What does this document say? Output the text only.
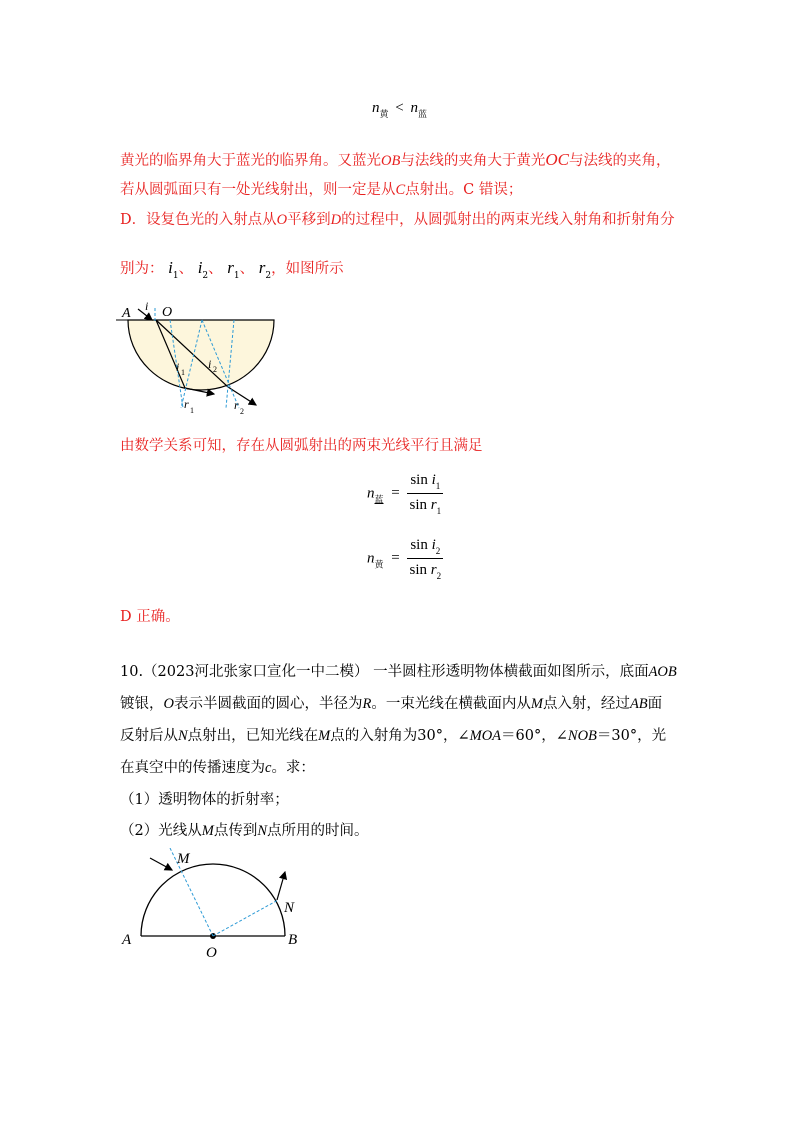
$n_黄 < n_蓝$
黄光的临界角大于蓝光的临界角。又蓝光OB与法线的夹角大于黄光OC与法线的夹角，
若从圆弧面只有一处光线射出，则一定是从C点射出。C 错误；
D．设复色光的入射点从O平移到D的过程中，从圆弧射出的两束光线入射角和折射角分
别为： $i_1$、 $i_2$、 $r_1$、 $r_2$，如图所示
A i O
i 1
i 2
r 1	r 2
由数学关系可知，存在从圆弧射出的两束光线平行且满足
$n_蓝 = \frac{\sin i_1}{\sin r_1}$
$n_黄 = \frac{\sin i_2}{\sin r_2}$
D 正确。
10.（2023河北张家口宣化一中二模） 一半圆柱形透明物体横截面如图所示，底面AOB
镀银，O表示半圆截面的圆心，半径为R。一束光线在横截面内从M点入射，经过AB面
反射后从N点射出，已知光线在M点的入射角为30°，∠MOA＝60°，∠NOB＝30°，光
在真空中的传播速度为c。求：
（1）透明物体的折射率；
（2）光线从M点传到N点所用的时间。
M
N
A
O
B
